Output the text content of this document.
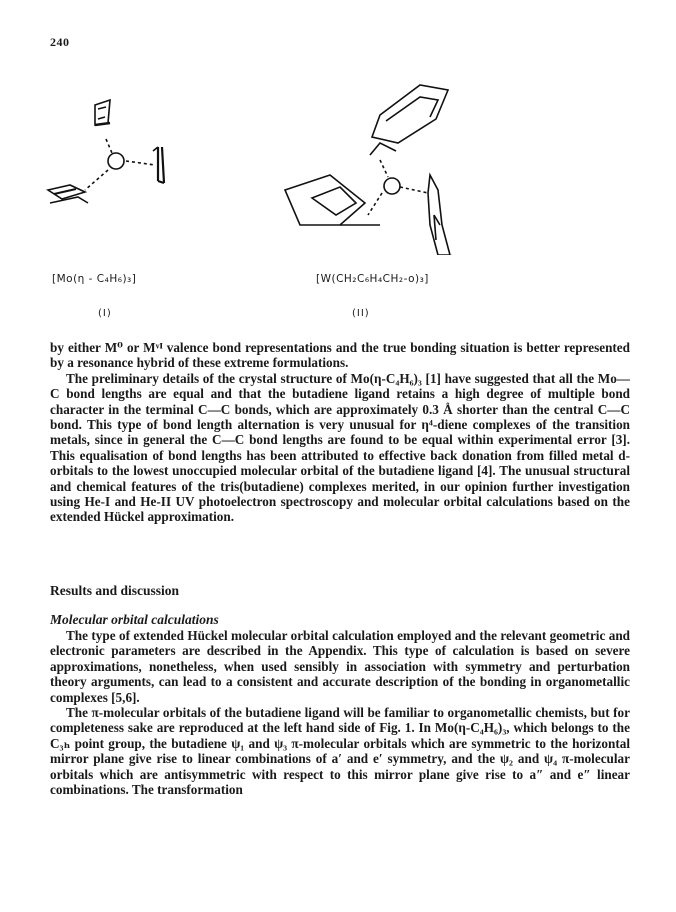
240
[Mo(η - C₄H₆)₃]
(I)
[W(CH₂C₆H₄CH₂-o)₃]
(II)

by either M⁰ or Mᵛᴵ valence bond representations and the true bonding situation is better represented by a resonance hybrid of these extreme formulations.

The preliminary details of the crystal structure of Mo(η-C₄H₆)₃ [1] have suggested that all the Mo—C bond lengths are equal and that the butadiene ligand retains a high degree of multiple bond character in the terminal C—C bonds, which are approximately 0.3 Å shorter than the central C—C bond. This type of bond length alternation is very unusual for η⁴-diene complexes of the transition metals, since in general the C—C bond lengths are found to be equal within experimental error [3]. This equalisation of bond lengths has been attributed to effective back donation from filled metal d-orbitals to the lowest unoccupied molecular orbital of the butadiene ligand [4]. The unusual structural and chemical features of the tris(butadiene) complexes merited, in our opinion further investigation using He-I and He-II UV photoelectron spectroscopy and molecular orbital calculations based on the extended Hückel approximation.

Results and discussion
Molecular orbital calculations

The type of extended Hückel molecular orbital calculation employed and the relevant geometric and electronic parameters are described in the Appendix. This type of calculation is based on severe approximations, nonetheless, when used sensibly in association with symmetry and perturbation theory arguments, can lead to a consistent and accurate description of the bonding in organometallic complexes [5,6].

The π-molecular orbitals of the butadiene ligand will be familiar to organometallic chemists, but for completeness sake are reproduced at the left hand side of Fig. 1. In Mo(η-C₄H₆)₃, which belongs to the C₃ₕ point group, the butadiene ψ₁ and ψ₃ π-molecular orbitals which are symmetric to the horizontal mirror plane give rise to linear combinations of a′ and e′ symmetry, and the ψ₂ and ψ₄ π-molecular orbitals which are antisymmetric with respect to this mirror plane give rise to a″ and e″ linear combinations. The transformation
